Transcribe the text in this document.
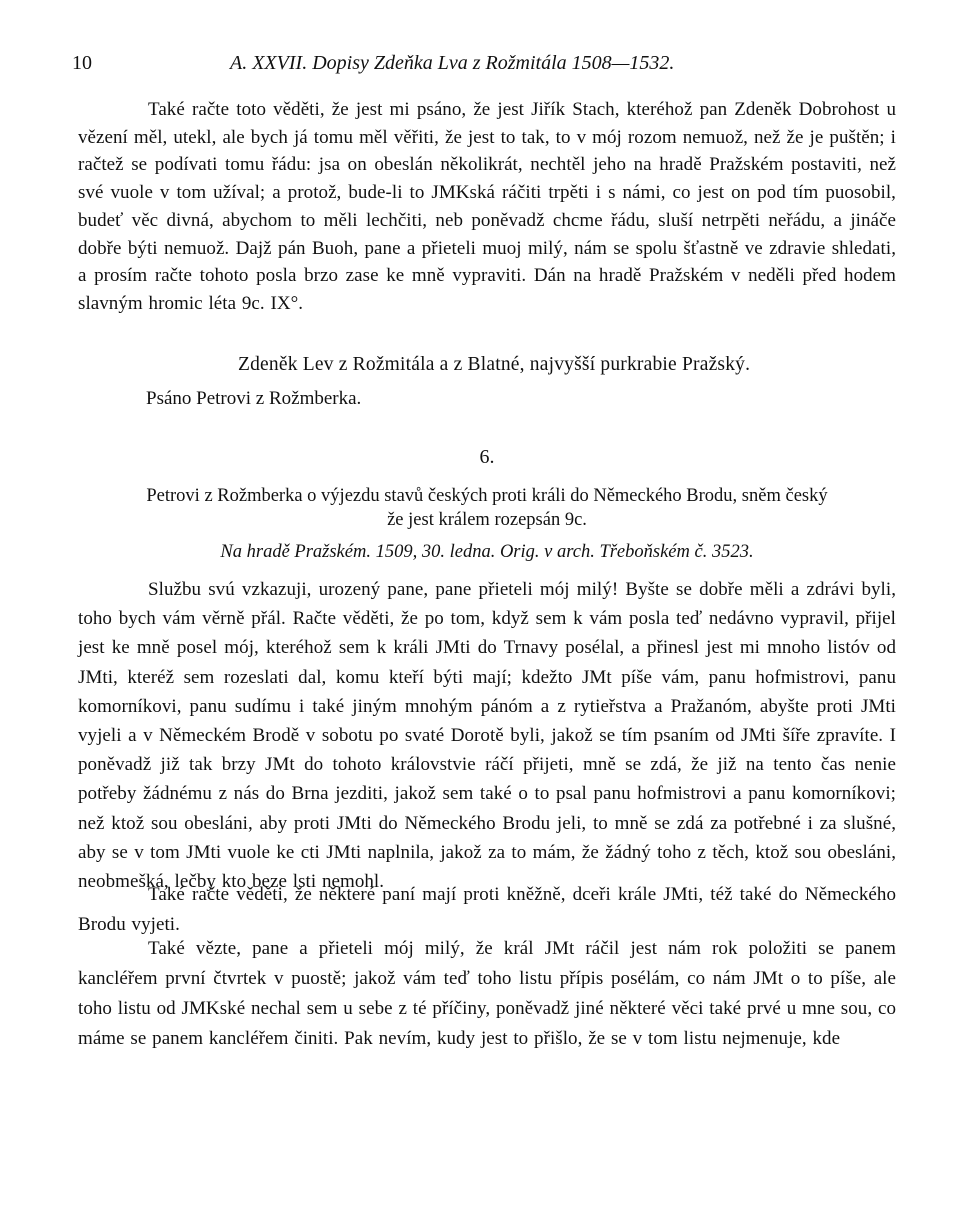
10	A. XXVII. Dopisy Zdeňka Lva z Rožmitála 1508—1532.

Také račte toto věděti, že jest mi psáno, že jest Jiřík Stach, kteréhož pan Zdeněk Dobrohost u vězení měl, utekl, ale bych já tomu měl věřiti, že jest to tak, to v mój rozom nemuož, než že je puštěn; i račtež se podívati tomu řádu: jsa on obeslán několikrát, nechtěl jeho na hradě Pražském postaviti, než své vuole v tom užíval; a protož, bude-li to JMKská ráčiti trpěti i s námi, co jest on pod tím puosobil, budeť věc divná, abychom to měli lechčiti, neb poněvadž chcme řádu, sluší netrpěti neřádu, a jináče dobře býti nemuož. Dajž pán Buoh, pane a přieteli muoj milý, nám se spolu šťastně ve zdravie shledati, a prosím račte tohoto posla brzo zase ke mně vypraviti. Dán na hradě Pražském v neděli před hodem slavným hromic léta 9c. IX°.

Zdeněk Lev z Rožmitála a z Blatné, najvyšší purkrabie Pražský.
Psáno Petrovi z Rožmberka.
6.
Petrovi z Rožmberka o výjezdu stavů českých proti králi do Německého Brodu, sněm český
že jest králem rozepsán 9c.
Na hradě Pražském. 1509, 30. ledna. Orig. v arch. Třeboňském č. 3523.

Službu svú vzkazuji, urozený pane, pane přieteli mój milý! Byšte se dobře měli a zdrávi byli, toho bych vám věrně přál. Račte věděti, že po tom, když sem k vám posla teď nedávno vypravil, přijel jest ke mně posel mój, kteréhož sem k králi JMti do Trnavy posélal, a přinesl jest mi mnoho listóv od JMti, kteréž sem rozeslati dal, komu kteří býti mají; kdežto JMt píše vám, panu hofmistrovi, panu komorníkovi, panu sudímu i také jiným mnohým pánóm a z rytieřstva a Pražanóm, abyšte proti JMti vyjeli a v Německém Brodě v sobotu po svaté Dorotě byli, jakož se tím psaním od JMti šíře zpravíte. I poněvadž již tak brzy JMt do tohoto královstvie ráčí přijeti, mně se zdá, že již na tento čas nenie potřeby žádnému z nás do Brna jezditi, jakož sem také o to psal panu hofmistrovi a panu komorníkovi; než ktož sou obesláni, aby proti JMti do Německého Brodu jeli, to mně se zdá za potřebné i za slušné, aby se v tom JMti vuole ke cti JMti naplnila, jakož za to mám, že žádný toho z těch, ktož sou obesláni, neobmešká, lečby kto beze lsti nemohl.

Také račte věděti, že některé paní mají proti kněžně, dceři krále JMti, též také do Německého Brodu vyjeti.

Také vězte, pane a přieteli mój milý, že král JMt ráčil jest nám rok položiti se panem kancléřem první čtvrtek v puostě; jakož vám teď toho listu přípis posélám, co nám JMt o to píše, ale toho listu od JMKské nechal sem u sebe z té příčiny, poněvadž jiné některé věci také prvé u mne sou, co máme se panem kancléřem činiti. Pak nevím, kudy jest to přišlo, že se v tom listu nejmenuje, kde
